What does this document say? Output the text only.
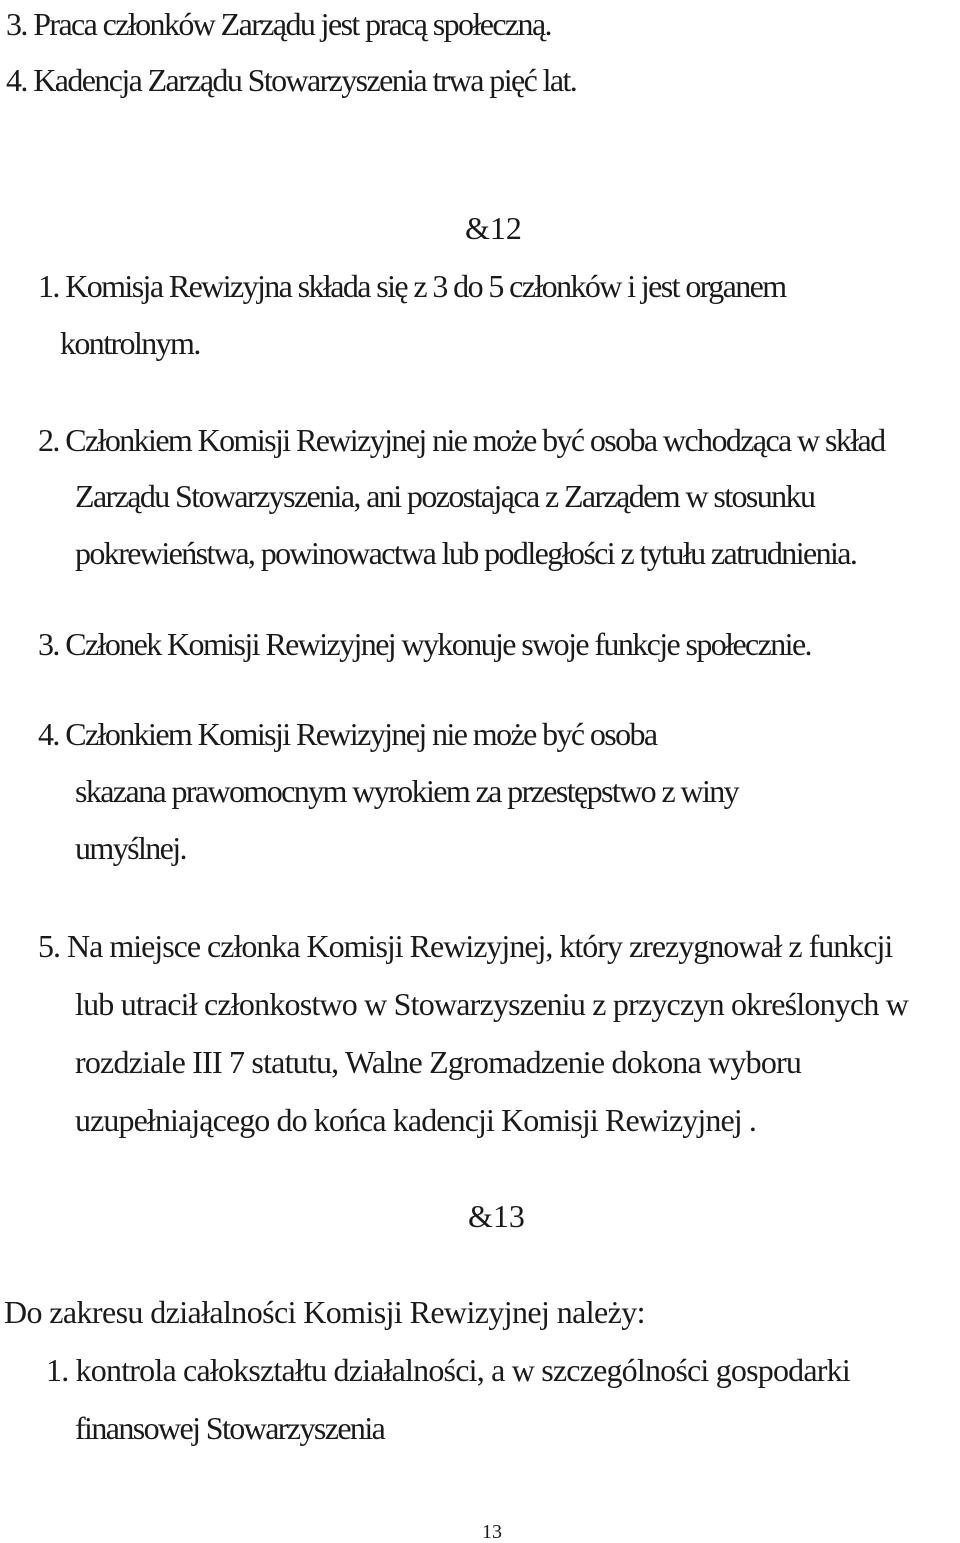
3. Praca członków Zarządu jest pracą społeczną.

4. Kadencja Zarządu Stowarzyszenia trwa pięć lat.

&12

1. Komisja Rewizyjna składa się z 3 do 5 członków i jest organem

kontrolnym.

2. Członkiem Komisji Rewizyjnej nie może być osoba wchodząca w skład

Zarządu Stowarzyszenia, ani pozostająca z Zarządem w stosunku

pokrewieństwa, powinowactwa lub podległości z tytułu zatrudnienia.

3. Członek Komisji Rewizyjnej wykonuje swoje funkcje społecznie.

4. Członkiem Komisji Rewizyjnej nie może być osoba

skazana prawomocnym wyrokiem za przestępstwo z winy

umyślnej.

5. Na miejsce członka Komisji Rewizyjnej, który zrezygnował z funkcji

lub utracił członkostwo w Stowarzyszeniu z przyczyn określonych w

rozdziale III 7 statutu, Walne Zgromadzenie dokona wyboru

uzupełniającego do końca kadencji Komisji Rewizyjnej .

&13

Do zakresu działalności Komisji Rewizyjnej należy:

1. kontrola całokształtu działalności, a w szczególności gospodarki

finansowej Stowarzyszenia

13
